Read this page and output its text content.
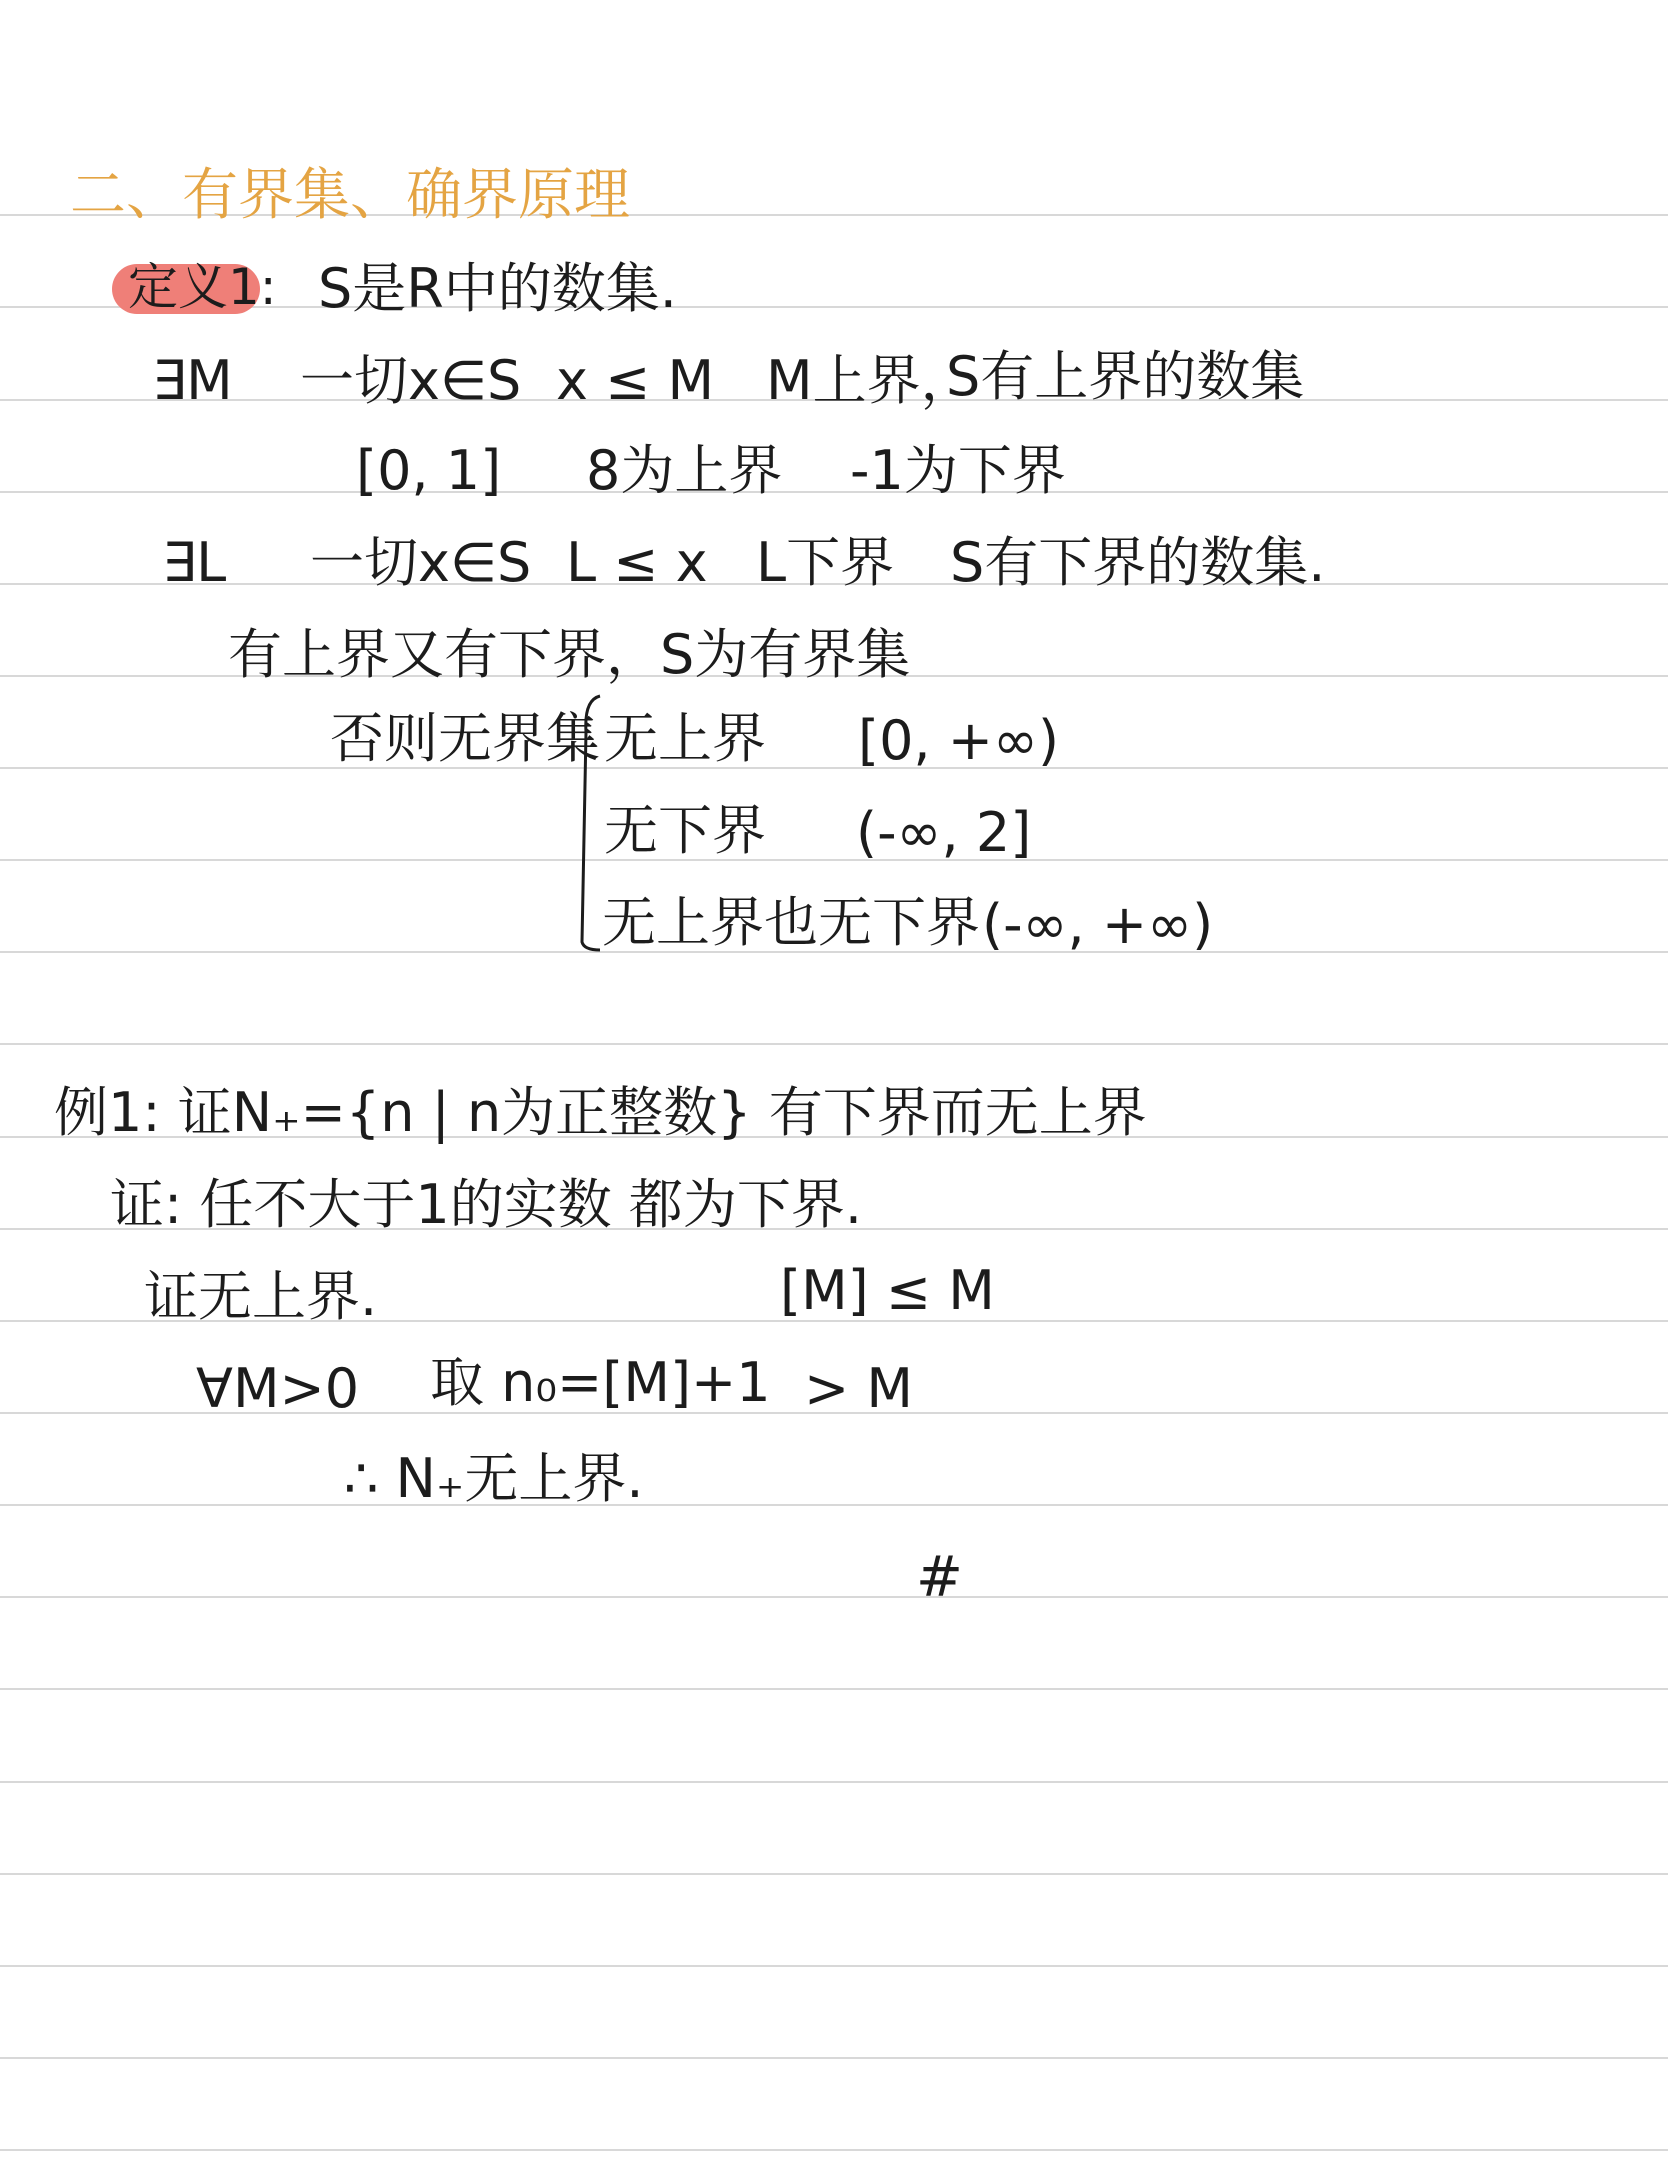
二、有界集、确界原理
定义1: S是R中的数集.
∃M 一切x∈S x ≤ M M上界，
S有上界的数集
[0, 1] 8为上界 -1为下界
∃L 一切x∈S L ≤ x L下界 S有下界的数集.
有上界又有下界，S为有界集
否则无界集 无上界 [0, +∞)
无下界 (-∞, 2]
无上界也无下界 (-∞, +∞)
例1: 证N₊={n | n为正整数} 有下界而无上界
证: 任不大于1的实数 都为下界.
证无上界.	[M] ≤ M
∀M>0 取 n₀=[M]+1 > M
∴ N₊无上界.
#
